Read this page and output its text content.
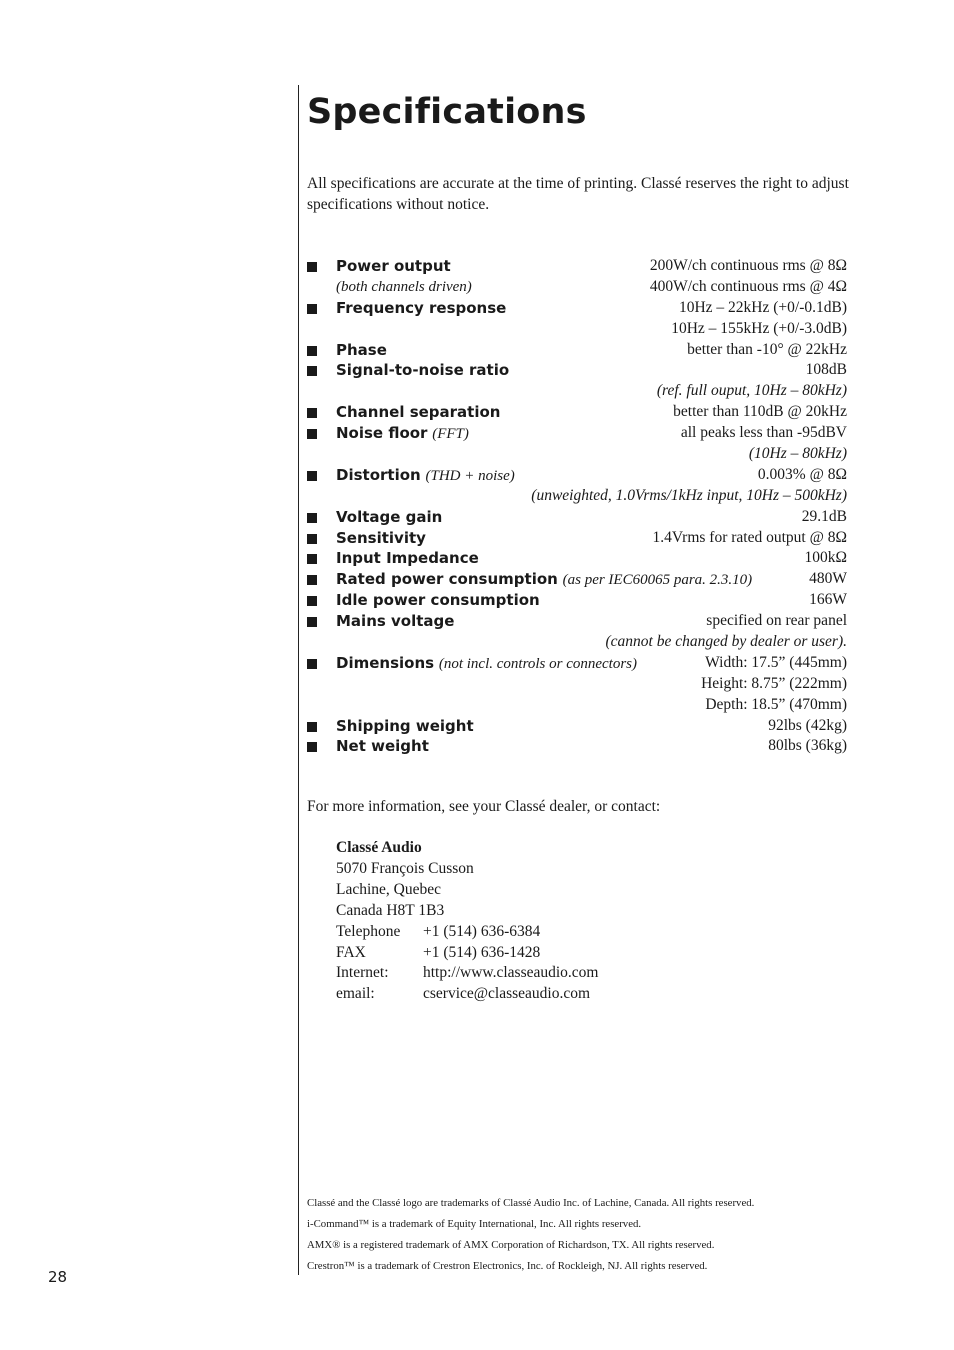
Specifications

All specifications are accurate at the time of printing. Classé reserves the right to adjust specifications without notice.

Power output	200W/ch continuous rms @ 8Ω
(both channels driven)	400W/ch continuous rms @ 4Ω
Frequency response	10Hz – 22kHz (+0/-0.1dB)
10Hz – 155kHz (+0/-3.0dB)
Phase	better than -10° @ 22kHz
Signal-to-noise ratio	108dB
(ref. full ouput, 10Hz – 80kHz)
Channel separation	better than 110dB @ 20kHz
Noise floor (FFT)	all peaks less than -95dBV
(10Hz – 80kHz)
Distortion (THD + noise)	0.003% @ 8Ω
(unweighted, 1.0Vrms/1kHz input, 10Hz – 500kHz)
Voltage gain	29.1dB
Sensitivity	1.4Vrms for rated output @ 8Ω
Input Impedance	100kΩ
Rated power consumption (as per IEC60065 para. 2.3.10)	480W
Idle power consumption	166W
Mains voltage	specified on rear panel
(cannot be changed by dealer or user).
Dimensions (not incl. controls or connectors)	Width: 17.5” (445mm)
Height: 8.75” (222mm)
Depth: 18.5” (470mm)
Shipping weight	92lbs (42kg)
Net weight	80lbs (36kg)

For more information, see your Classé dealer, or contact:

Classé Audio
5070 François Cusson
Lachine, Quebec
Canada H8T 1B3
Telephone	+1 (514) 636-6384
FAX	+1 (514) 636-1428
Internet:	http://www.classeaudio.com
email:	cservice@classeaudio.com
Classé and the Classé logo are trademarks of Classé Audio Inc. of Lachine, Canada. All rights reserved.
i-Command™ is a trademark of Equity International, Inc. All rights reserved.
AMX® is a registered trademark of AMX Corporation of Richardson, TX. All rights reserved.
Crestron™ is a trademark of Crestron Electronics, Inc. of Rockleigh, NJ. All rights reserved.
28
